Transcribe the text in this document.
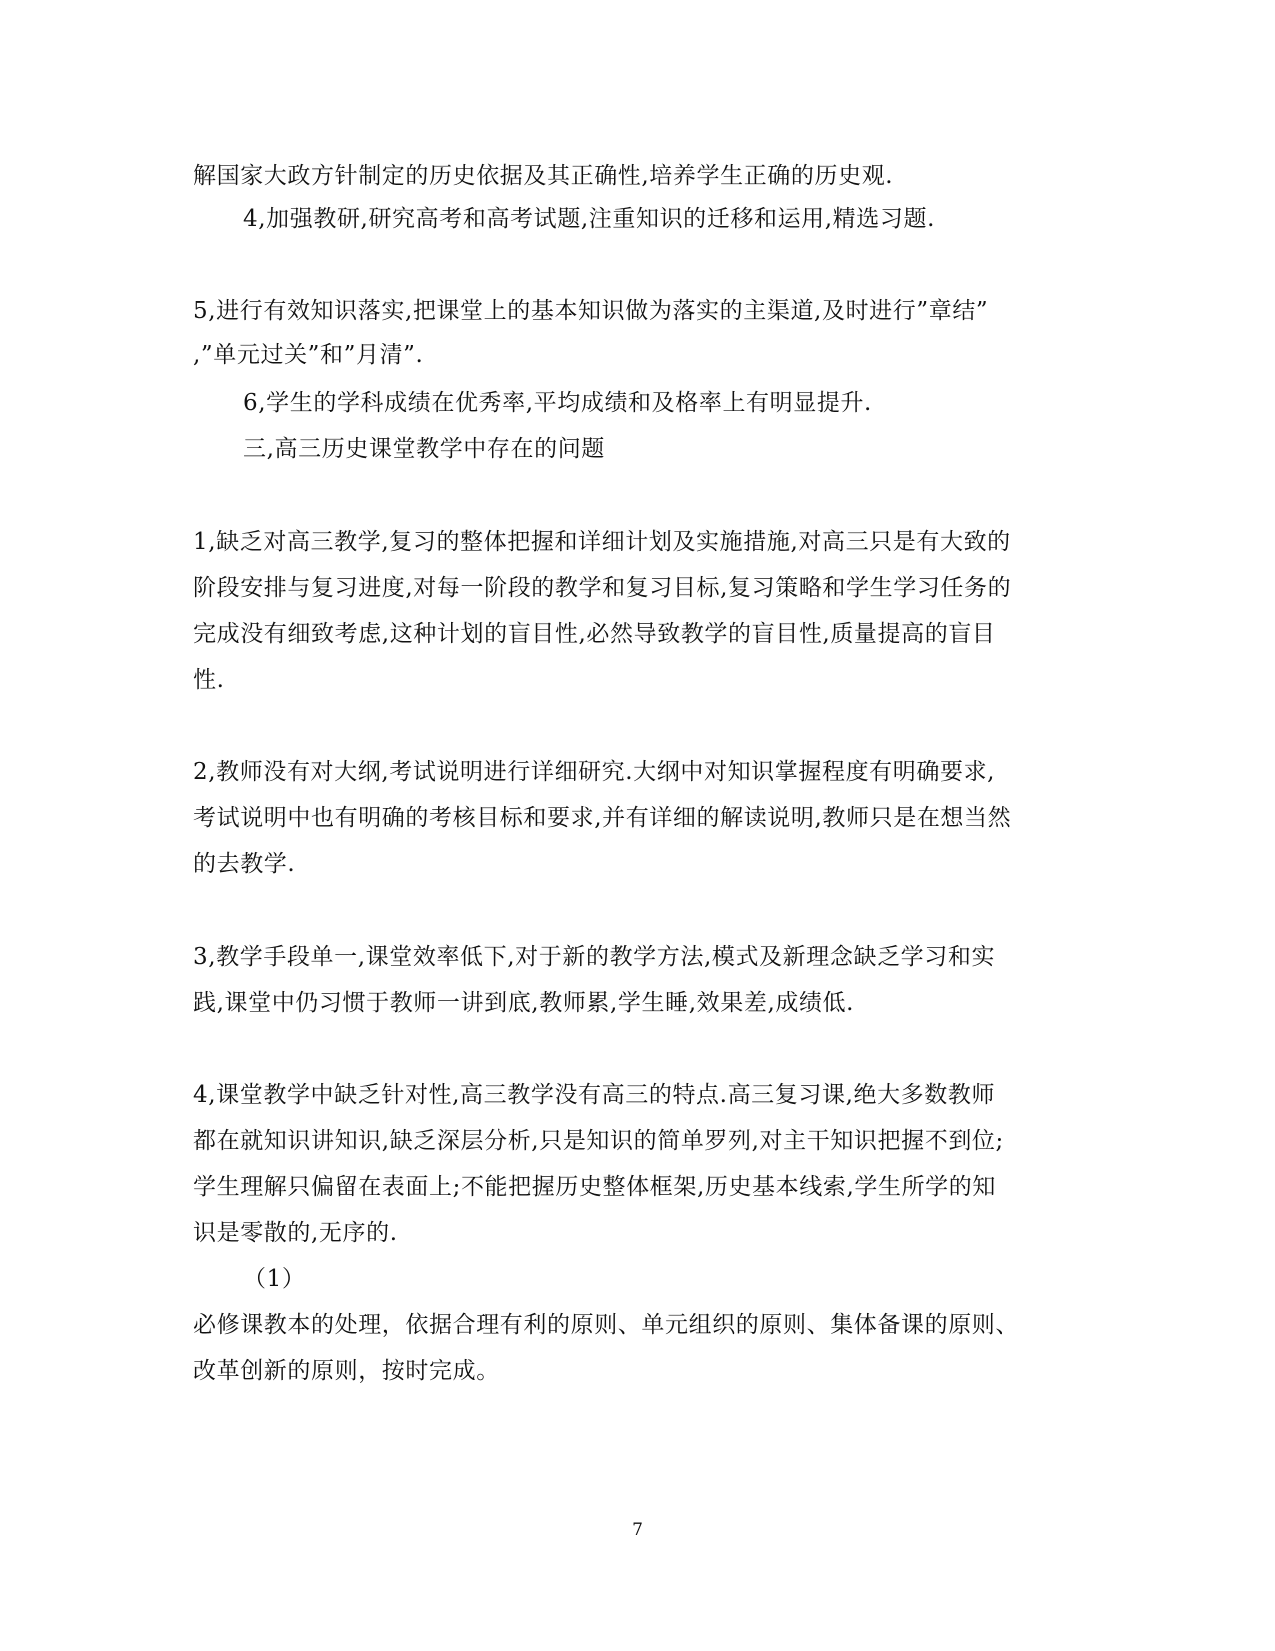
解国家大政方针制定的历史依据及其正确性,培养学生正确的历史观.
4,加强教研,研究高考和高考试题,注重知识的迁移和运用,精选习题.
5,进行有效知识落实,把课堂上的基本知识做为落实的主渠道,及时进行”章结”
,”单元过关”和”月清”.
6,学生的学科成绩在优秀率,平均成绩和及格率上有明显提升.
三,高三历史课堂教学中存在的问题
1,缺乏对高三教学,复习的整体把握和详细计划及实施措施,对高三只是有大致的
阶段安排与复习进度,对每一阶段的教学和复习目标,复习策略和学生学习任务的
完成没有细致考虑,这种计划的盲目性,必然导致教学的盲目性,质量提高的盲目
性.
2,教师没有对大纲,考试说明进行详细研究.大纲中对知识掌握程度有明确要求,
考试说明中也有明确的考核目标和要求,并有详细的解读说明,教师只是在想当然
的去教学.
3,教学手段单一,课堂效率低下,对于新的教学方法,模式及新理念缺乏学习和实
践,课堂中仍习惯于教师一讲到底,教师累,学生睡,效果差,成绩低.
4,课堂教学中缺乏针对性,高三教学没有高三的特点.高三复习课,绝大多数教师
都在就知识讲知识,缺乏深层分析,只是知识的简单罗列,对主干知识把握不到位;
学生理解只偏留在表面上;不能把握历史整体框架,历史基本线索,学生所学的知
识是零散的,无序的.
（1）
必修课教本的处理，依据合理有利的原则、单元组织的原则、集体备课的原则、
改革创新的原则，按时完成。
7
